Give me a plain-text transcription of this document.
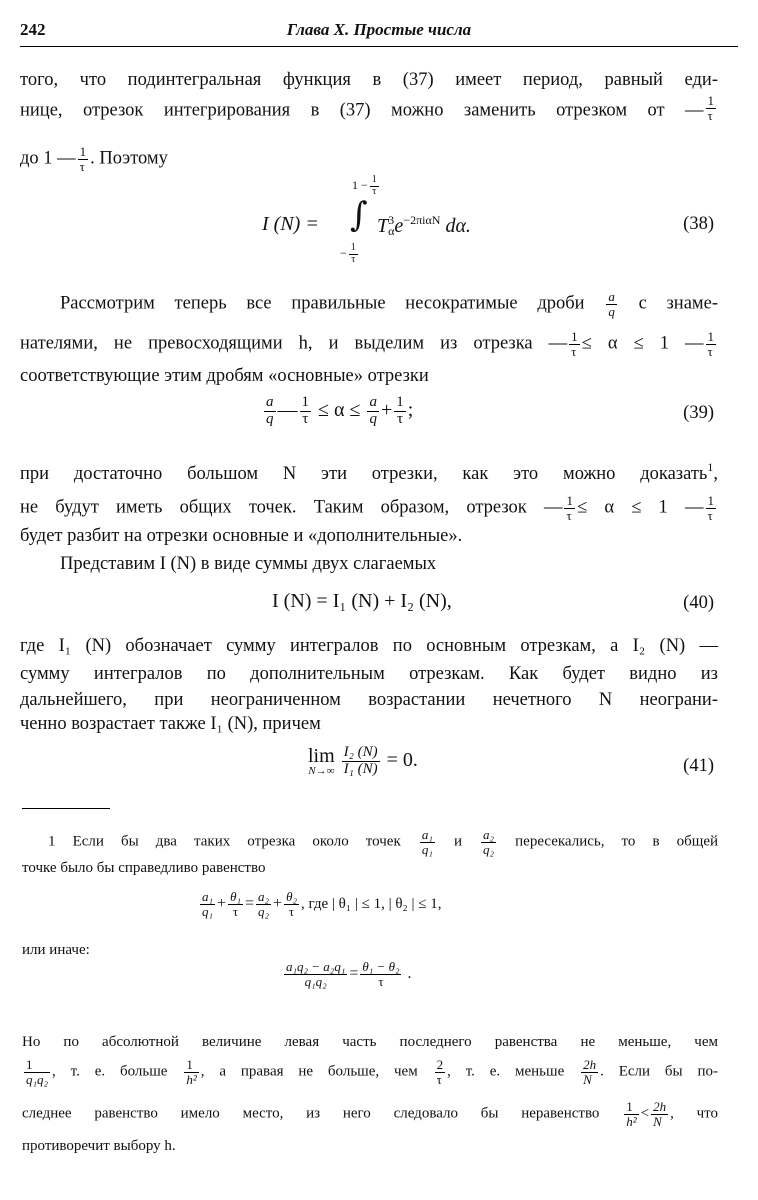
242	Глава X. Простые числа
того, что подинтегральная функция в (37) имеет период, равный еди-
нице, отрезок интегрирования в (37) можно заменить отрезком от — $\frac{1}{\tau}$
до 1 — $\frac{1}{\tau}$ . Поэтому
I (N) =
$1 - \frac{1}{\tau}$
∫
− $\frac{1}{\tau}$
$T^3_\alpha e^{-2\pi i\alpha N}$ dα.	(38)
Рассмотрим теперь все правильные несократимые дроби $\frac{a}{q}$ с знаме-
нателями, не превосходящими h, и выделим из отрезка — $\frac{1}{\tau} \le \alpha \le 1$ — $\frac{1}{\tau}$
соответствующие этим дробям «основные» отрезки
$\frac{a}{q}$ — $\frac{1}{\tau} \le \alpha \le \frac{a}{q} + \frac{1}{\tau}$ ;	(39)
при достаточно большом N эти отрезки, как это можно доказать$^1$,
не будут иметь общих точек. Таким образом, отрезок — $\frac{1}{\tau} \le \alpha \le 1$ — $\frac{1}{\tau}$
будет разбит на отрезки основные и «дополнительные».
Представим I (N) в виде суммы двух слагаемых
I (N) = I₁ (N) + I₂ (N),	(40)
где I₁ (N) обозначает сумму интегралов по основным отрезкам, а I₂ (N) —
сумму интегралов по дополнительным отрезкам. Как будет видно из
дальнейшего, при неограниченном возрастании нечетного N неограни-
ченно возрастает также I₁ (N), причем
lim
N→∞
$\frac{\text{I₂ (N)}}{\text{I₁ (N)}} = 0$.	(41)
1 Если бы два таких отрезка около точек $\frac{\text{a₁}}{\text{q₁}}$ и $\frac{\text{a₂}}{\text{q₂}}$ пересекались, то в общей
точке было бы справедливо равенство
$\frac{\text{a₁}}{\text{q₁}} + \frac{\text{θ₁}}{\tau} = \frac{\text{a₂}}{\text{q₂}} + \frac{\text{θ₂}}{\tau}$ , где | θ₁ | ≤ 1, | θ₂ | ≤ 1,
или иначе:
$\frac{\text{a₁q₂ − a₂q₁}}{\text{q₁q₂}} = \frac{\text{θ₁ − θ₂}}{\tau}$ .
Но по абсолютной величине левая часть последнего равенства не меньше, чем
$\frac{1}{\text{q₁q₂}}$ , т. е. больше $\frac{1}{\text{h²}}$ , а правая не больше, чем $\frac{2}{\tau}$ , т. е. меньше $\frac{2h}{N}$ . Если бы по-
следнее равенство имело место, из него следовало бы неравенство $\frac{1}{\text{h²}} < \frac{2h}{N}$ , что
противоречит выбору h.
